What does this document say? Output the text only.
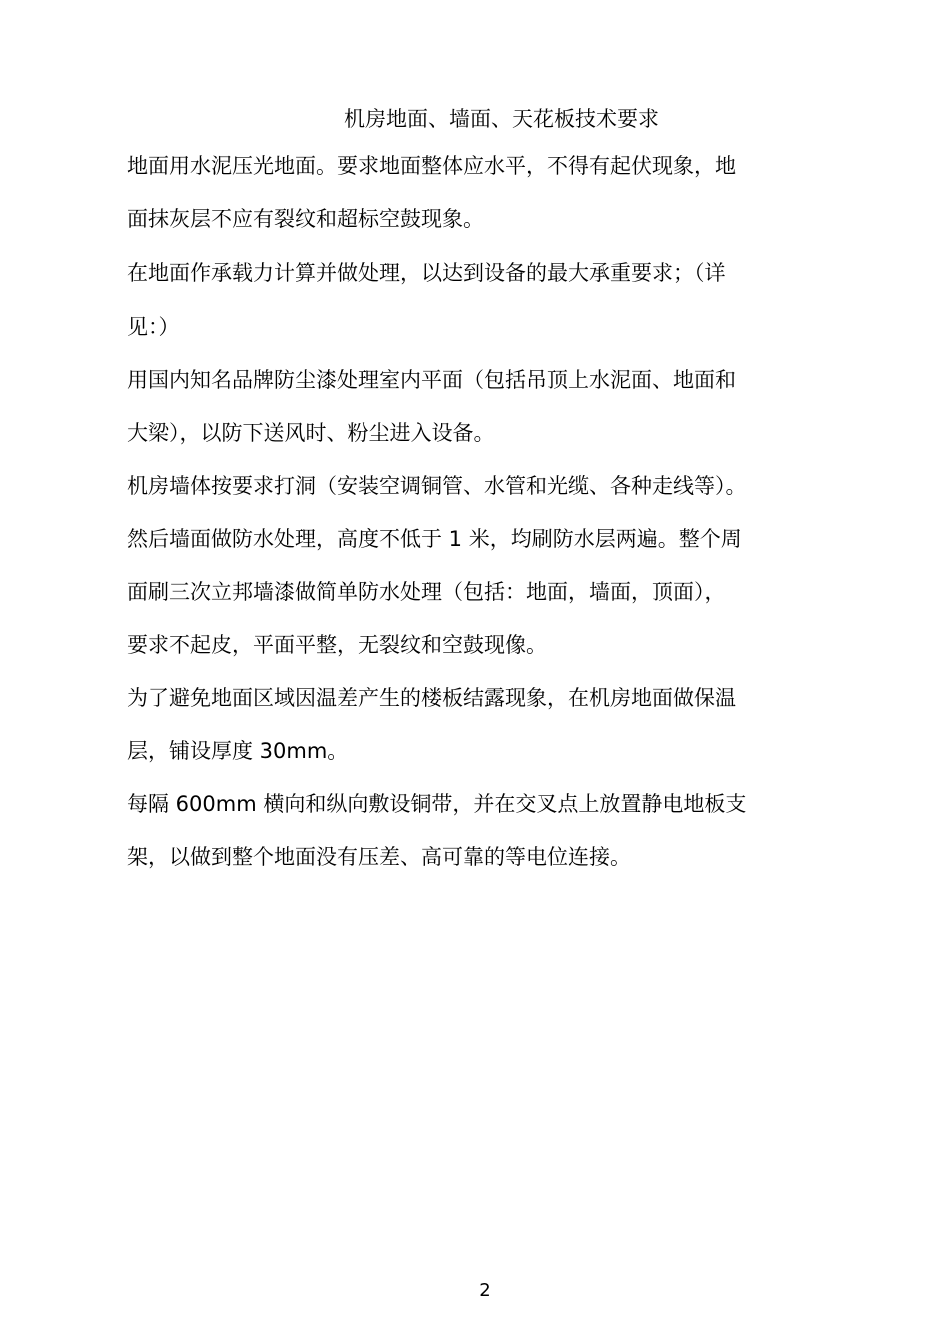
机房地面、墙面、天花板技术要求
地面用水泥压光地面。要求地面整体应水平，不得有起伏现象，地
面抹灰层不应有裂纹和超标空鼓现象。
在地面作承载力计算并做处理，以达到设备的最大承重要求；（详
见：）
用国内知名品牌防尘漆处理室内平面（包括吊顶上水泥面、地面和
大梁），以防下送风时、粉尘进入设备。
机房墙体按要求打洞（安装空调铜管、水管和光缆、各种走线等）。
然后墙面做防水处理，高度不低于 1 米，均刷防水层两遍。整个周
面刷三次立邦墙漆做简单防水处理（包括：地面，墙面，顶面），
要求不起皮，平面平整，无裂纹和空鼓现像。
为了避免地面区域因温差产生的楼板结露现象，在机房地面做保温
层，铺设厚度 30mm。
每隔 600mm 横向和纵向敷设铜带，并在交叉点上放置静电地板支
架，以做到整个地面没有压差、高可靠的等电位连接。
2
